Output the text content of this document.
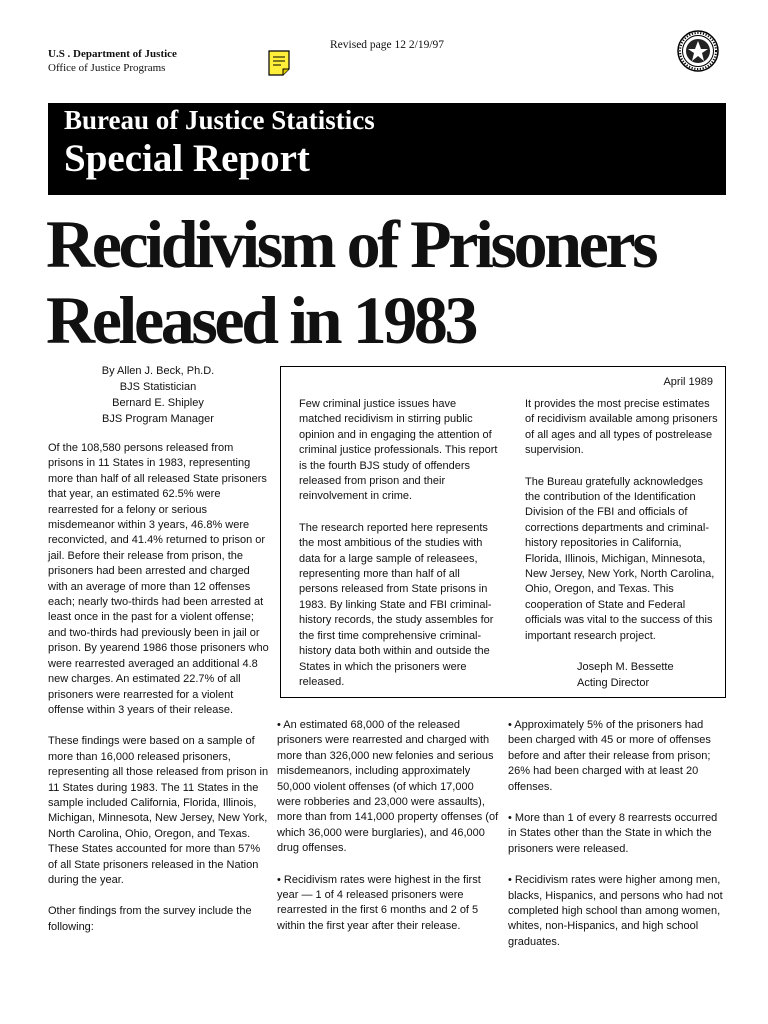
U.S . Department of Justice
Office of Justice Programs
Revised page 12 2/19/97
Bureau of Justice Statistics
Special Report
Recidivism of Prisoners
Released in 1983
By Allen J. Beck, Ph.D.
BJS Statistician
Bernard E. Shipley
BJS Program Manager

Of the 108,580 persons released from prisons in 11 States in 1983, representing more than half of all released State prisoners that year, an estimated 62.5% were rearrested for a felony or serious misdemeanor within 3 years, 46.8% were reconvicted, and 41.4% returned to prison or jail. Before their release from prison, the prisoners had been arrested and charged with an average of more than 12 offenses each; nearly two-thirds had been arrested at least once in the past for a violent offense; and two-thirds had previously been in jail or prison. By yearend 1986 those prisoners who were rearrested averaged an additional 4.8 new charges. An estimated 22.7% of all prisoners were rearrested for a violent offense within 3 years of their release.

These findings were based on a sample of more than 16,000 released prisoners, representing all those released from prison in 11 States during 1983. The 11 States in the sample included California, Florida, Illinois, Michigan, Minnesota, New Jersey, New York, North Carolina, Ohio, Oregon, and Texas. These States accounted for more than 57% of all State prisoners released in the Nation during the year.

Other findings from the survey include the following:

April 1989

Few criminal justice issues have matched recidivism in stirring public opinion and in engaging the attention of criminal justice professionals. This report is the fourth BJS study of offenders released from prison and their reinvolvement in crime.

The research reported here represents the most ambitious of the studies with data for a large sample of releasees, representing more than half of all persons released from State prisons in 1983. By linking State and FBI criminal-history records, the study assembles for the first time comprehensive criminal-history data both within and outside the States in which the prisoners were released.

It provides the most precise estimates of recidivism available among prisoners of all ages and all types of postrelease supervision.

The Bureau gratefully acknowledges the contribution of the Identification Division of the FBI and officials of corrections departments and criminal-history repositories in California, Florida, Illinois, Michigan, Minnesota, New Jersey, New York, North Carolina, Ohio, Oregon, and Texas. This cooperation of State and Federal officials was vital to the success of this important research project.

Joseph M. Bessette
Acting Director

• An estimated 68,000 of the released prisoners were rearrested and charged with more than 326,000 new felonies and serious misdemeanors, including approximately 50,000 violent offenses (of which 17,000 were robberies and 23,000 were assaults), more than from 141,000 property offenses (of which 36,000 were burglaries), and 46,000 drug offenses.

• Recidivism rates were highest in the first year — 1 of 4 released prisoners were rearrested in the first 6 months and 2 of 5 within the first year after their release.

• Approximately 5% of the prisoners had been charged with 45 or more of offenses before and after their release from prison; 26% had been charged with at least 20 offenses.

• More than 1 of every 8 rearrests occurred in States other than the State in which the prisoners were released.

• Recidivism rates were higher among men, blacks, Hispanics, and persons who had not completed high school than among women, whites, non-Hispanics, and high school graduates.
